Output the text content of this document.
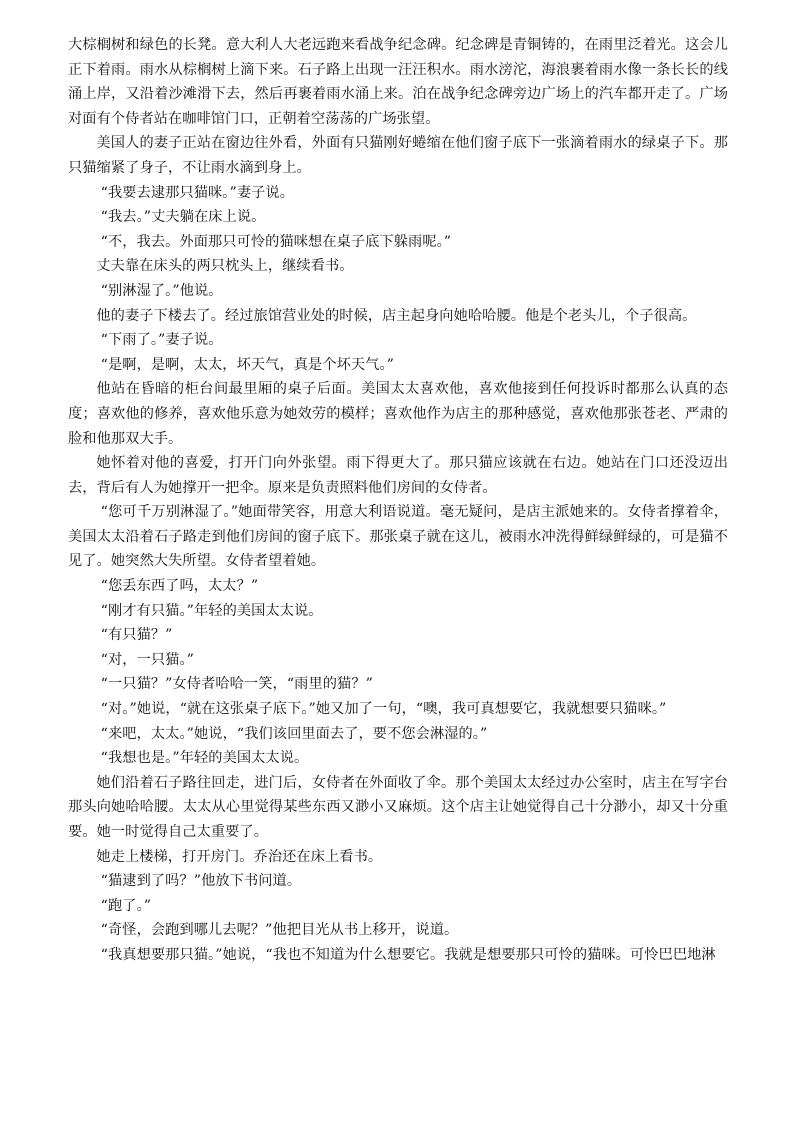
大棕榈树和绿色的长凳。意大利人大老远跑来看战争纪念碑。纪念碑是青铜铸的，在雨里泛着光。这会儿正下着雨。雨水从棕榈树上滴下来。石子路上出现一汪汪积水。雨水滂沱，海浪裹着雨水像一条长长的线涌上岸，又沿着沙滩滑下去，然后再裹着雨水涌上来。泊在战争纪念碑旁边广场上的汽车都开走了。广场对面有个侍者站在咖啡馆门口，正朝着空荡荡的广场张望。

美国人的妻子正站在窗边往外看，外面有只猫刚好蜷缩在他们窗子底下一张滴着雨水的绿桌子下。那只猫缩紧了身子，不让雨水滴到身上。

“我要去逮那只猫咪。”妻子说。

“我去。”丈夫躺在床上说。

“不，我去。外面那只可怜的猫咪想在桌子底下躲雨呢。”

丈夫靠在床头的两只枕头上，继续看书。

“别淋湿了。”他说。

他的妻子下楼去了。经过旅馆营业处的时候，店主起身向她哈哈腰。他是个老头儿，个子很高。

“下雨了。”妻子说。

“是啊，是啊，太太，坏天气，真是个坏天气。”

他站在昏暗的柜台间最里厢的桌子后面。美国太太喜欢他，喜欢他接到任何投诉时都那么认真的态度；喜欢他的修养，喜欢他乐意为她效劳的模样；喜欢他作为店主的那种感觉，喜欢他那张苍老、严肃的脸和他那双大手。

她怀着对他的喜爱，打开门向外张望。雨下得更大了。那只猫应该就在右边。她站在门口还没迈出去，背后有人为她撑开一把伞。原来是负责照料他们房间的女侍者。

“您可千万别淋湿了。”她面带笑容，用意大利语说道。毫无疑问，是店主派她来的。女侍者撑着伞，美国太太沿着石子路走到他们房间的窗子底下。那张桌子就在这儿，被雨水冲洗得鲜绿鲜绿的，可是猫不见了。她突然大失所望。女侍者望着她。

“您丢东西了吗，太太？”

“刚才有只猫。”年轻的美国太太说。

“有只猫？”

“对，一只猫。”

“一只猫？”女侍者哈哈一笑，“雨里的猫？”

“对。”她说，“就在这张桌子底下。”她又加了一句，“噢，我可真想要它，我就想要只猫咪。”

“来吧，太太。”她说，“我们该回里面去了，要不您会淋湿的。”

“我想也是。”年轻的美国太太说。

她们沿着石子路往回走，进门后，女侍者在外面收了伞。那个美国太太经过办公室时，店主在写字台那头向她哈哈腰。太太从心里觉得某些东西又渺小又麻烦。这个店主让她觉得自己十分渺小，却又十分重要。她一时觉得自己太重要了。

她走上楼梯，打开房门。乔治还在床上看书。

“猫逮到了吗？”他放下书问道。

“跑了。”

“奇怪，会跑到哪儿去呢？”他把目光从书上移开，说道。

“我真想要那只猫。”她说，“我也不知道为什么想要它。我就是想要那只可怜的猫咪。可怜巴巴地淋
